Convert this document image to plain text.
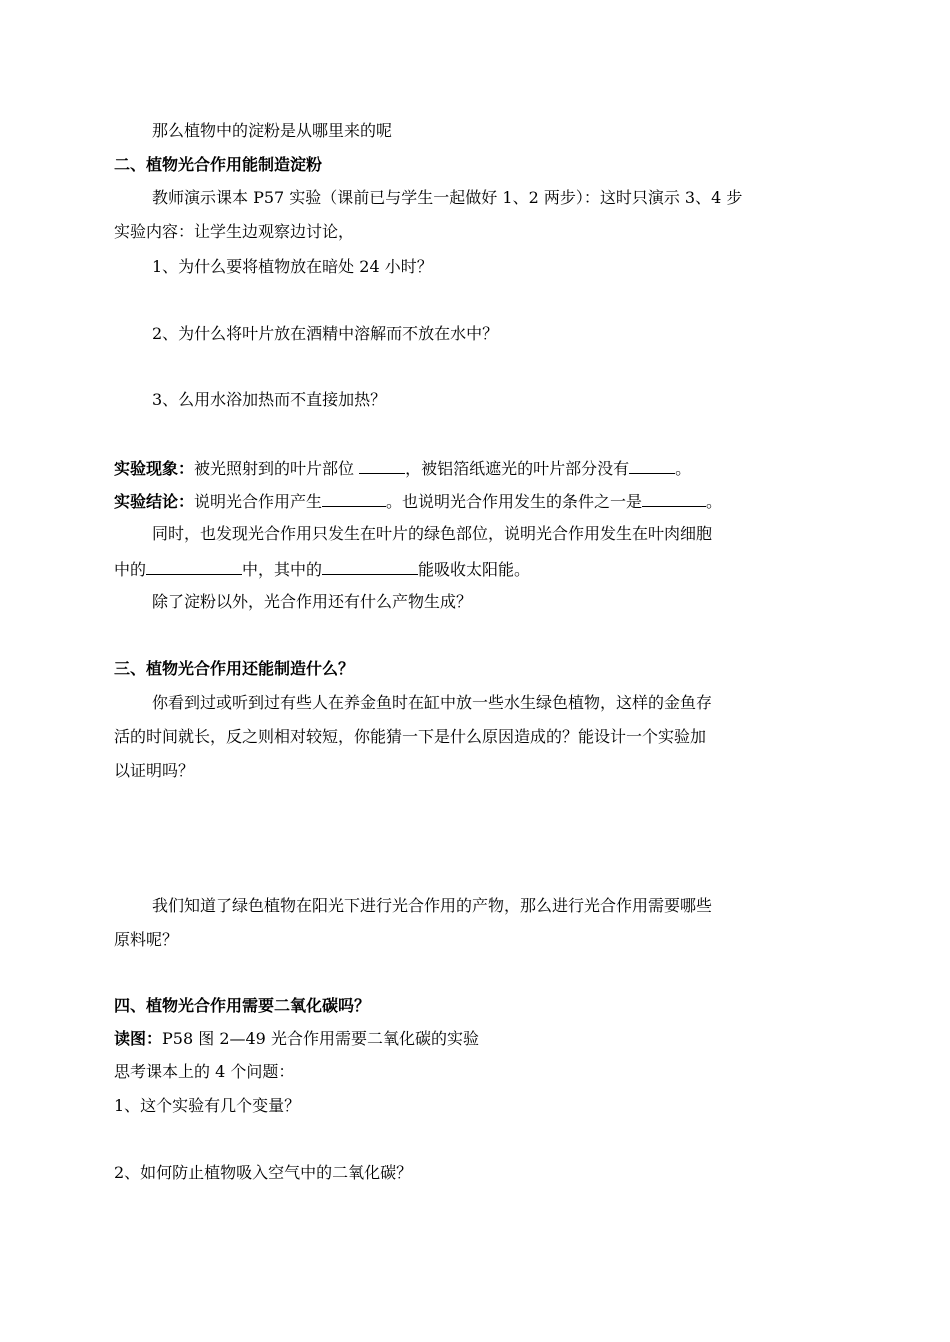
那么植物中的淀粉是从哪里来的呢
二、植物光合作用能制造淀粉
教师演示课本 P57 实验（课前已与学生一起做好 1、2 两步）：这时只演示 3、4 步
实验内容：让学生边观察边讨论，
1、为什么要将植物放在暗处 24 小时？
2、为什么将叶片放在酒精中溶解而不放在水中？
3、么用水浴加热而不直接加热？
实验现象：被光照射到的叶片部位	，被铝箔纸遮光的叶片部分没有	。
实验结论：说明光合作用产生	。也说明光合作用发生的条件之一是	。
同时，也发现光合作用只发生在叶片的绿色部位，说明光合作用发生在叶肉细胞
中的	中，其中的	能吸收太阳能。
除了淀粉以外，光合作用还有什么产物生成？
三、植物光合作用还能制造什么？
你看到过或听到过有些人在养金鱼时在缸中放一些水生绿色植物，这样的金鱼存
活的时间就长，反之则相对较短，你能猜一下是什么原因造成的？能设计一个实验加
以证明吗？
我们知道了绿色植物在阳光下进行光合作用的产物，那么进行光合作用需要哪些
原料呢？
四、植物光合作用需要二氧化碳吗？
读图：P58 图 2—49 光合作用需要二氧化碳的实验
思考课本上的 4 个问题：
1、这个实验有几个变量？
2、如何防止植物吸入空气中的二氧化碳？
